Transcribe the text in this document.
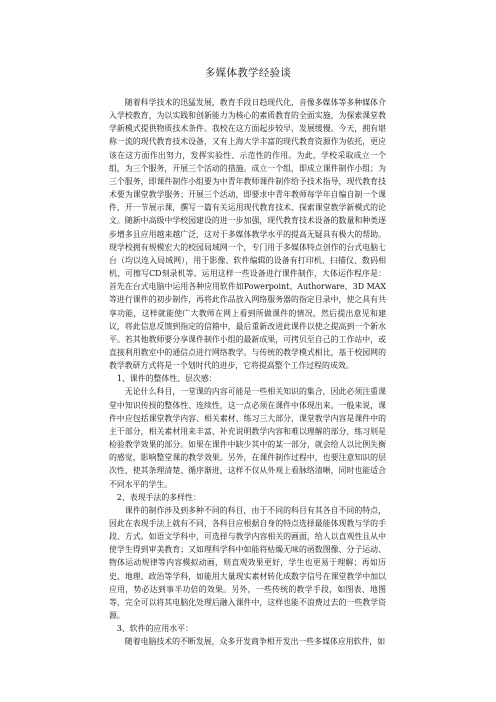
多媒体教学经验谈

随着科学技术的迅猛发展，教育手段日趋现代化，音像多媒体等多种媒体介入学校教育，为以实践和创新能力为核心的素质教育的全面实施，为探索课堂教学新模式提供物质技术条件。我校在这方面起步较早，发展缓慢。今天，拥有堪称一流的现代教育技术设备，又有上海大学丰富的现代教育资源作为依托，更应该在这方面作出努力，发挥实验性、示范性的作用。为此，学校采取成立一个组，为三个服务，开展三个活动的措施。成立一个组，即成立课件制作小组；为三个服务，即课件制作小组要为中青年教师课件制作给予技术指导，现代教育技术要为课堂教学服务；开展三个活动，即要求中青年教师每学年自编自制一个课件，开一节展示课，撰写一篇有关运用现代教育技术、探索课堂教学新模式的论文。随新中高级中学校园建设的进一步加强，现代教育技术设备的数量和种类逐步增多且应用越来越广泛，这对于多媒体教学水平的提高无疑具有极大的帮助。现学校拥有规模宏大的校园局域网一个，专门用于多媒体特点创作的台式电脑七台（均以连入局域网），用于影像、软件编辑的设备有打印机、扫描仪、数码相机、可擦写CD刻录机等。运用这样一些设备进行课件制作，大体运作程序是：首先在台式电脑中运用各种应用软件如Powerpoint、Authorware、3D MAX等进行课件的初步制作，再将此作品放入网络服务器的指定目录中，使之具有共享功能，这样就能使广大教师在网上看到所做课件的情况，然后提出意见和建议，将此信息反馈到指定的信箱中，最后重新改进此课件以使之提高到一个新水平。若其他教师要分享课件制作小组的最新成果，可拷贝至自己的工作站中，或直接利用教室中的通信点进行网络教学。与传统的教学模式相比，基于校园网的教学教研方式将是一个划时代的进步，它将提高整个工作过程的成效。

1、课件的整体性、层次感：

无论什么科目，一堂课的内容可能是一些相关知识的集合，因此必须注重课堂中知识传授的整体性、连续性，这一点必须在课件中体现出来。一般来说，课件中应包括课堂教学内容、相关素材、练习三大部分，课堂教学内容是课件中的主干部分，相关素材用来丰富、补充说明教学内容和难以理解的部分，练习则是检验教学效果的部分。如果在课件中缺少其中的某一部分，就会给人以比例失衡的感觉，影响整堂课的教学效果。另外，在课件制作过程中，也要注意知识的层次性，使其条理清楚、循序渐进，这样不仅从外观上看脉络清晰，同时也能适合不同水平的学生。

2、表现手法的多样性：

课件的制作涉及到多种不同的科目，由于不同的科目有其各自不同的特点，因此在表现手法上就有不同，各科目应根据自身的特点选择最能体现教与学的手段、方式。如语文学科中，可选择与教学内容相关的画面，给人以直观性且从中使学生得到审美教育；又如理科学科中如能将枯燥无味的函数图像、分子运动、物体运动规律等内容模拟动画，则直观效果更好，学生也更易于理解；再如历史、地理、政治等学科，如能用大量现实素材转化成数字信号在课堂教学中加以应用，势必达到事半功倍的效果。另外，一些传统的教学手段，如图表、地图等，完全可以将其电脑化处理后融入课件中，这样也能不浪费过去的一些教学资源。

3、软件的应用水平：

随着电脑技术的不断发展，众多开发商争相开发出一些多媒体应用软件，如
